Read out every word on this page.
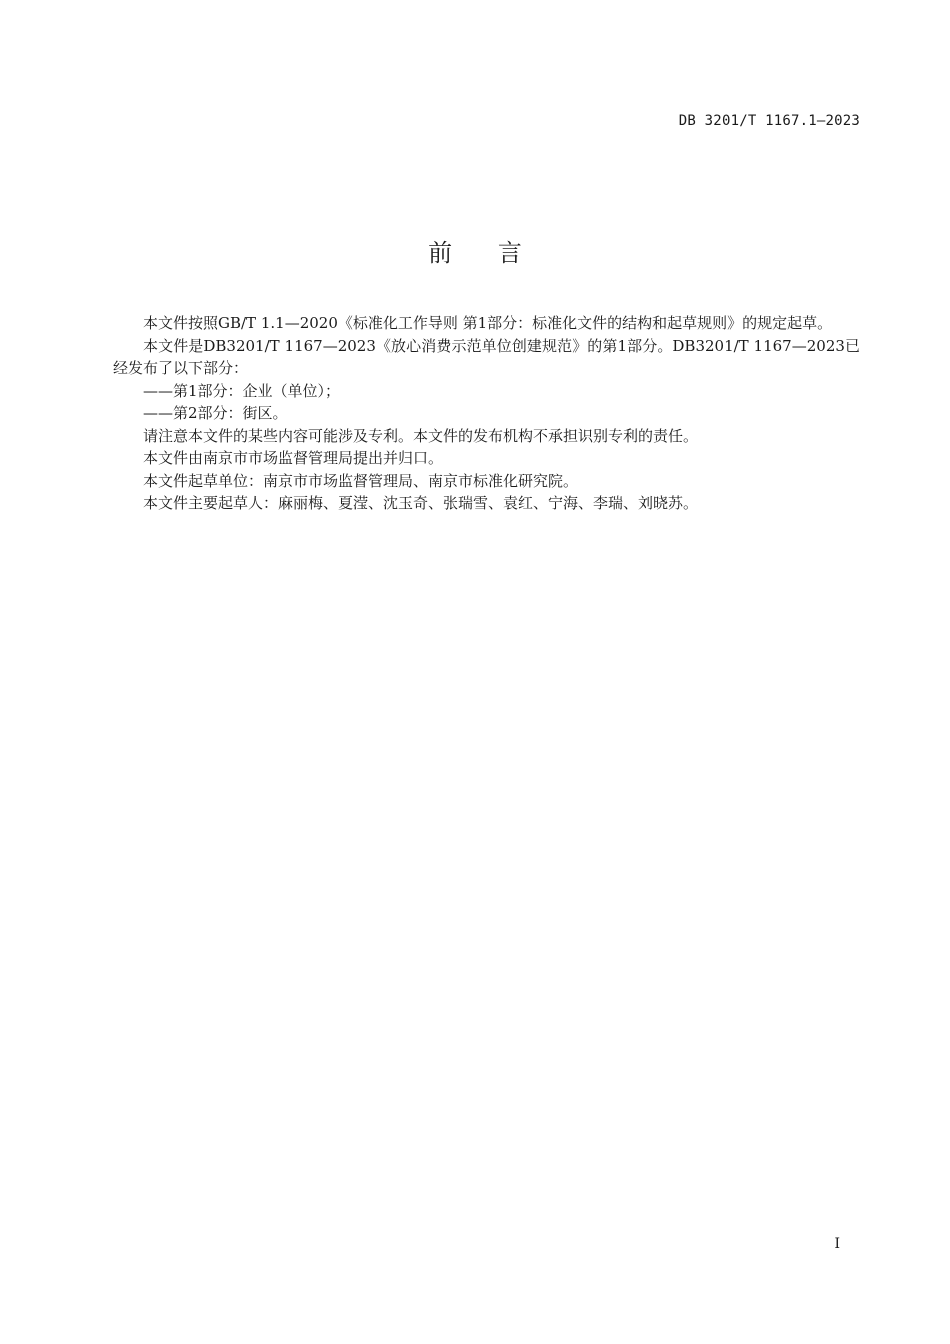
DB 3201/T 1167.1—2023
前      言

本文件按照GB/T 1.1—2020《标准化工作导则 第1部分：标准化文件的结构和起草规则》的规定起草。

本文件是DB3201/T 1167—2023《放心消费示范单位创建规范》的第1部分。DB3201/T 1167—2023已经发布了以下部分：

——第1部分：企业（单位）；

——第2部分：街区。

请注意本文件的某些内容可能涉及专利。本文件的发布机构不承担识别专利的责任。

本文件由南京市市场监督管理局提出并归口。

本文件起草单位：南京市市场监督管理局、南京市标准化研究院。

本文件主要起草人：麻丽梅、夏滢、沈玉奇、张瑞雪、袁红、宁海、李瑞、刘晓苏。

I
